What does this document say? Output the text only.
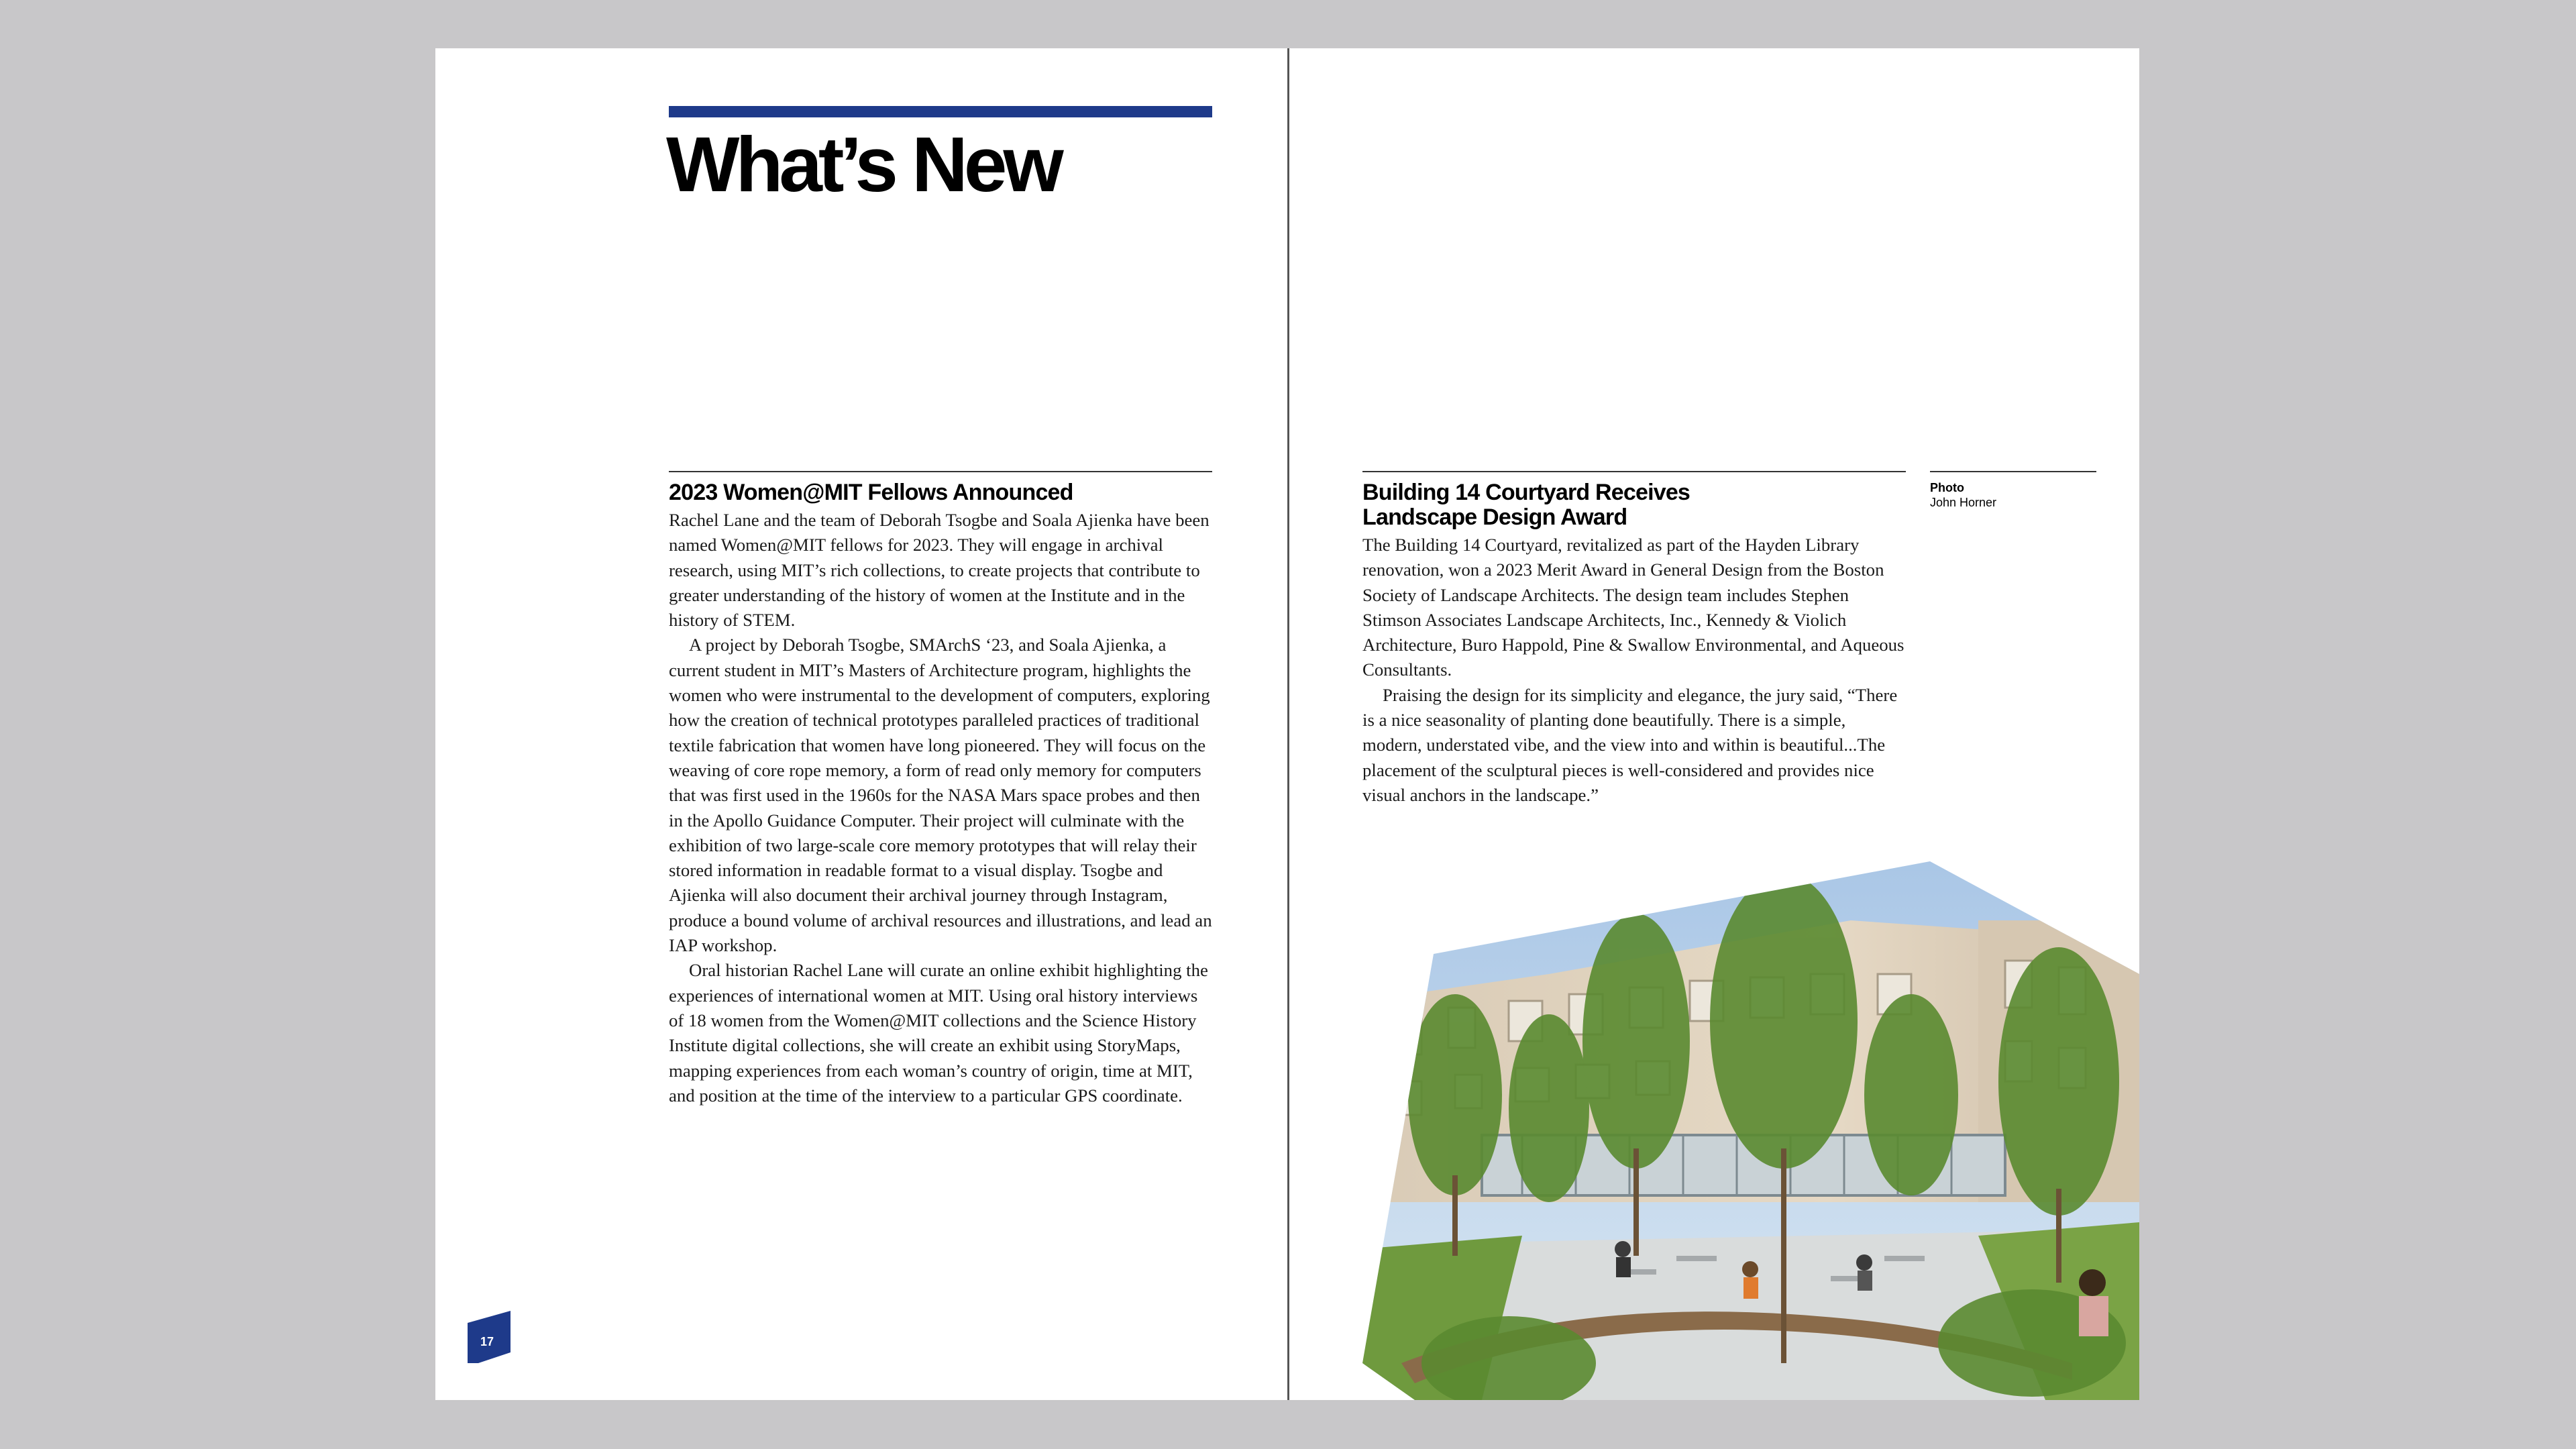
What’s New
2023 Women@MIT Fellows Announced

Rachel Lane and the team of Deborah Tsogbe and Soala Ajienka have been named Women@MIT fellows for 2023. They will engage in archival research, using MIT’s rich collections, to create projects that contribute to greater understanding of the history of women at the Institute and in the history of STEM.

A project by Deborah Tsogbe, SMArchS ‘23, and Soala Ajienka, a current student in MIT’s Masters of Architecture program, highlights the women who were instrumental to the development of computers, exploring how the creation of technical prototypes paralleled practices of traditional textile fabrication that women have long pioneered. They will focus on the weaving of core rope memory, a form of read only memory for computers that was first used in the 1960s for the NASA Mars space probes and then in the Apollo Guidance Computer. Their project will culminate with the exhibition of two large-scale core memory prototypes that will relay their stored information in readable format to a visual display. Tsogbe and Ajienka will also document their archival journey through Instagram, produce a bound volume of archival resources and illustrations, and lead an IAP workshop.

Oral historian Rachel Lane will curate an online exhibit highlighting the experiences of international women at MIT. Using oral history interviews of 18 women from the Women@MIT collections and the Science History Institute digital collections, she will create an exhibit using StoryMaps, mapping experiences from each woman’s country of origin, time at MIT, and position at the time of the interview to a particular GPS coordinate.

17
Building 14 Courtyard Receives
Landscape Design Award

The Building 14 Courtyard, revitalized as part of the Hayden Library renovation, won a 2023 Merit Award in General Design from the Boston Society of Landscape Architects. The design team includes Stephen Stimson Associates Landscape Architects, Inc., Kennedy & Violich Architecture, Buro Happold, Pine & Swallow Environmental, and Aqueous Consultants.

Praising the design for its simplicity and elegance, the jury said, “There is a nice seasonality of planting done beautifully. There is a simple, modern, understated vibe, and the view into and within is beautiful...The placement of the sculptural pieces is well-considered and provides nice visual anchors in the landscape.”

Photo
John Horner
